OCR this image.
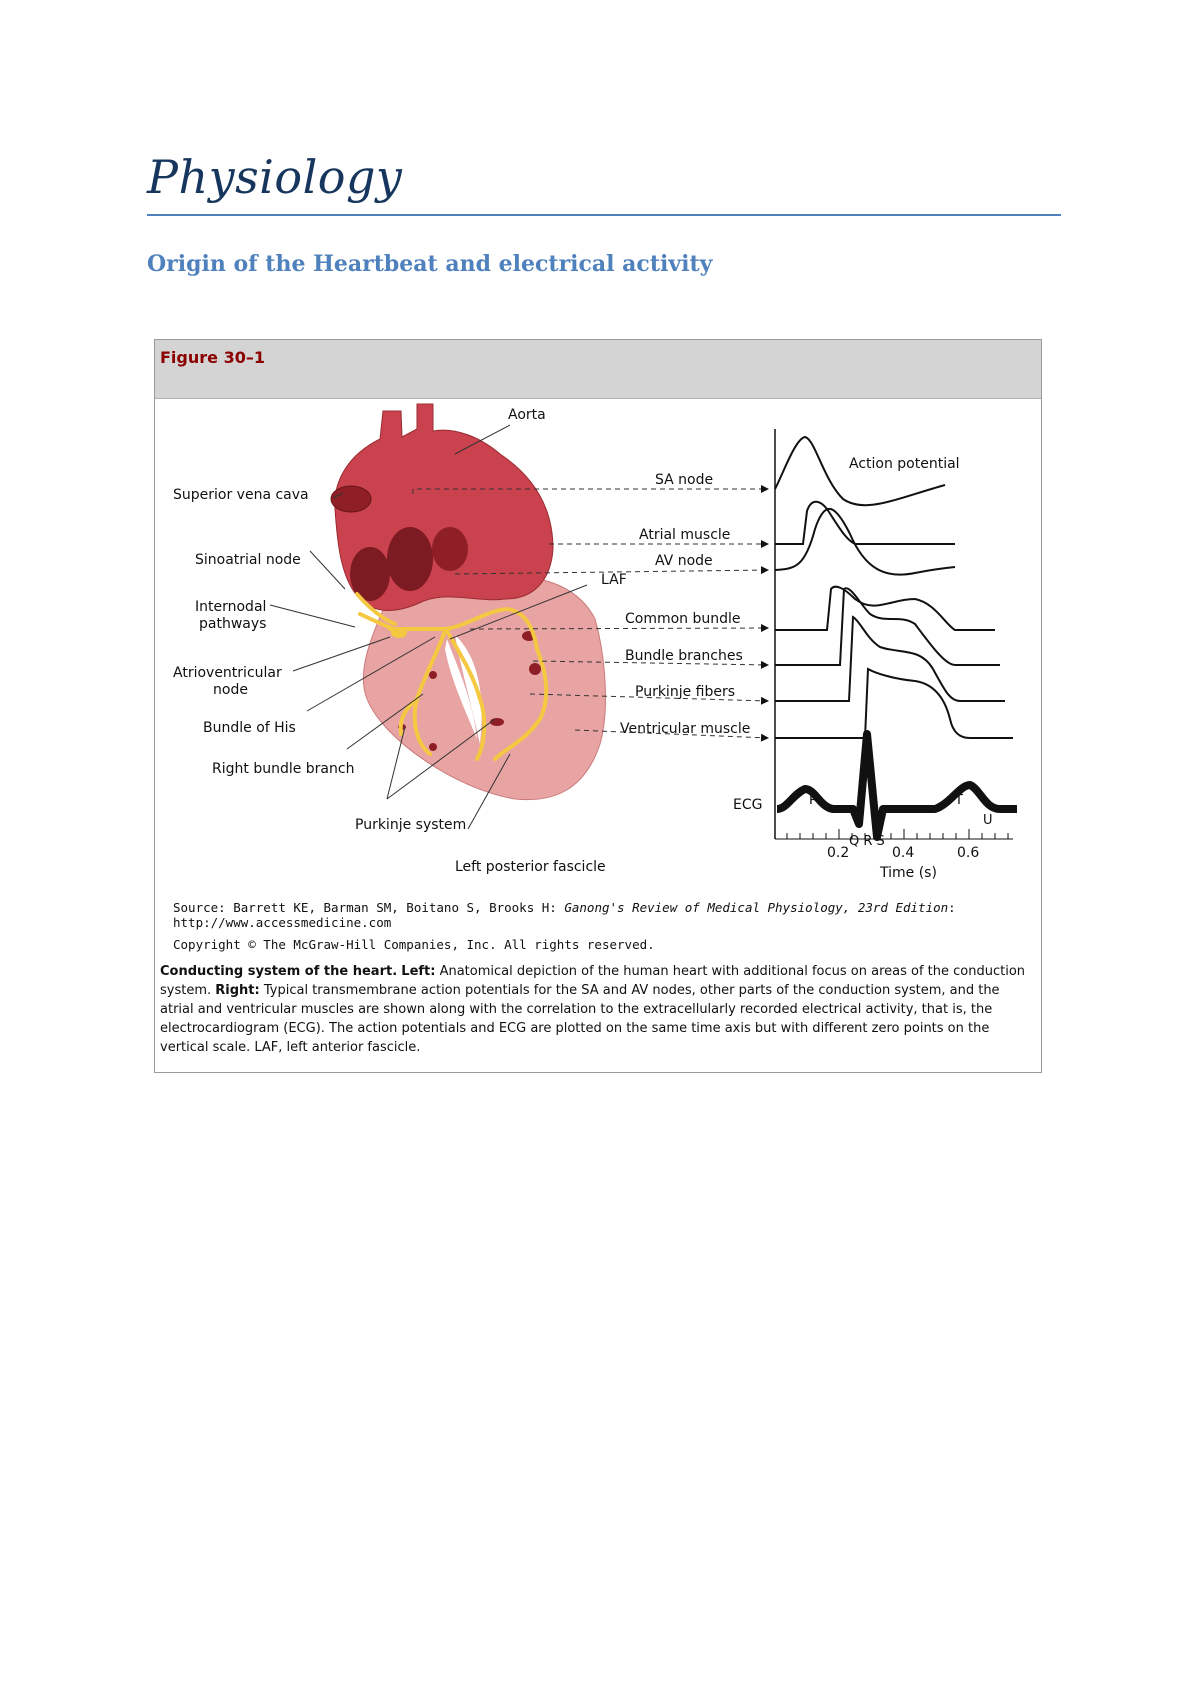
Physiology
Origin of the Heartbeat and electrical activity
Figure 30–1
Aorta
Superior vena cava
Sinoatrial node
Internodal
pathways
Atrioventricular
node
Bundle of His
Right bundle branch
Purkinje system
Left posterior fascicle
LAF
SA node
Atrial muscle
AV node
Common bundle
Bundle branches
Purkinje fibers
Ventricular muscle
Action potential
ECG	P
Q R S
T
U
0.2	0.4	0.6
Time (s)
Source: Barrett KE, Barman SM, Boitano S, Brooks H: Ganong's Review of Medical Physiology, 23rd Edition: http://www.accessmedicine.com
Copyright © The McGraw-Hill Companies, Inc. All rights reserved.
Conducting system of the heart. Left: Anatomical depiction of the human heart with additional focus on areas of the conduction system. Right: Typical transmembrane action potentials for the SA and AV nodes, other parts of the conduction system, and the atrial and ventricular muscles are shown along with the correlation to the extracellularly recorded electrical activity, that is, the electrocardiogram (ECG). The action potentials and ECG are plotted on the same time axis but with different zero points on the vertical scale. LAF, left anterior fascicle.
